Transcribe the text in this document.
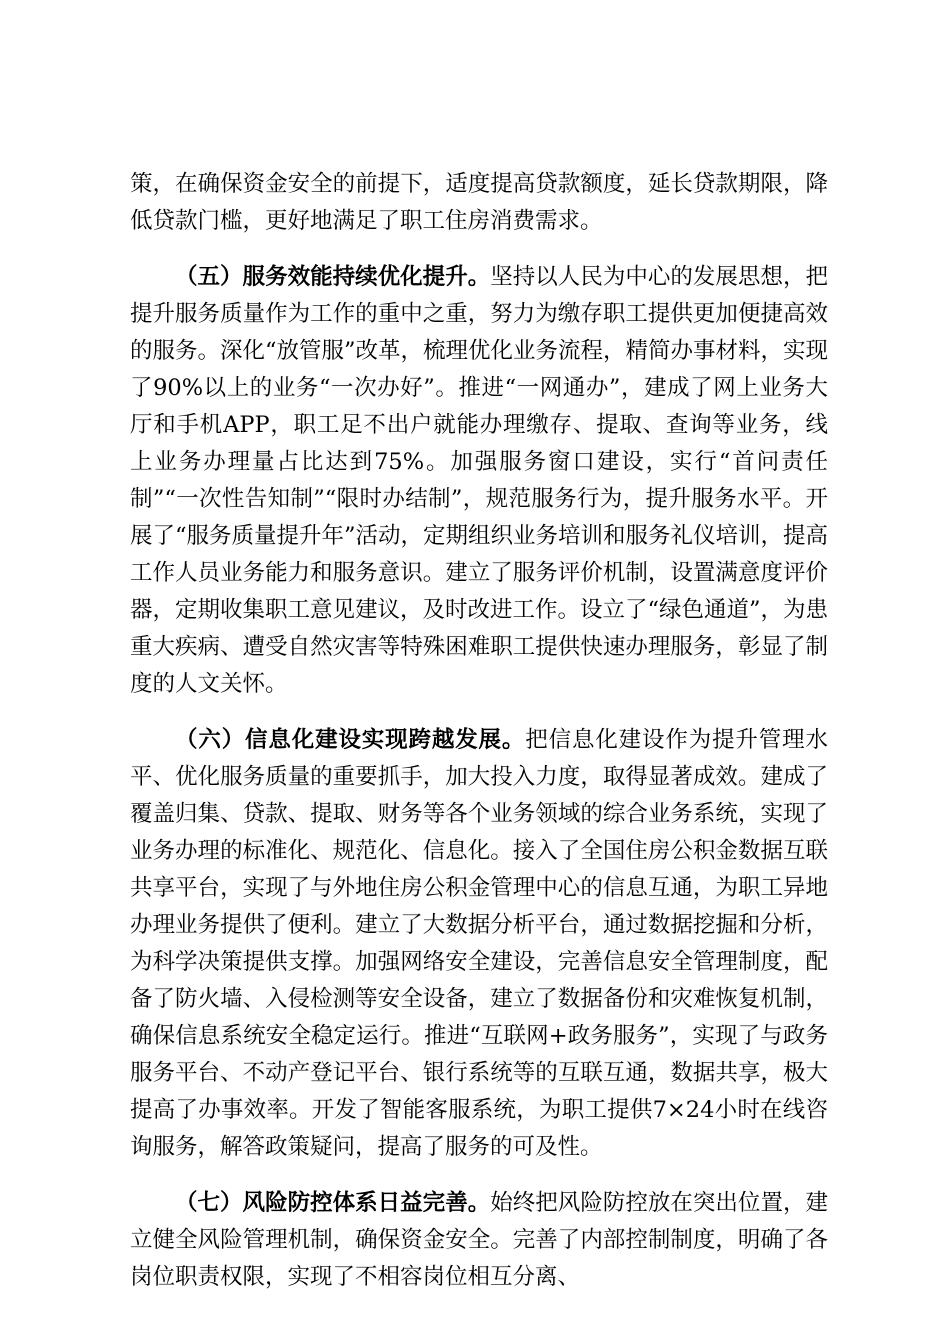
策，在确保资金安全的前提下，适度提高贷款额度，延长贷款期限，降低贷款门槛，更好地满足了职工住房消费需求。

（五）服务效能持续优化提升。坚持以人民为中心的发展思想，把提升服务质量作为工作的重中之重，努力为缴存职工提供更加便捷高效的服务。深化“放管服”改革，梳理优化业务流程，精简办事材料，实现了90%以上的业务“一次办好”。推进“一网通办”，建成了网上业务大厅和手机APP，职工足不出户就能办理缴存、提取、查询等业务，线上业务办理量占比达到75%。加强服务窗口建设，实行“首问责任制”“一次性告知制”“限时办结制”，规范服务行为，提升服务水平。开展了“服务质量提升年”活动，定期组织业务培训和服务礼仪培训，提高工作人员业务能力和服务意识。建立了服务评价机制，设置满意度评价器，定期收集职工意见建议，及时改进工作。设立了“绿色通道”，为患重大疾病、遭受自然灾害等特殊困难职工提供快速办理服务，彰显了制度的人文关怀。

（六）信息化建设实现跨越发展。把信息化建设作为提升管理水平、优化服务质量的重要抓手，加大投入力度，取得显著成效。建成了覆盖归集、贷款、提取、财务等各个业务领域的综合业务系统，实现了业务办理的标准化、规范化、信息化。接入了全国住房公积金数据互联共享平台，实现了与外地住房公积金管理中心的信息互通，为职工异地办理业务提供了便利。建立了大数据分析平台，通过数据挖掘和分析，为科学决策提供支撑。加强网络安全建设，完善信息安全管理制度，配备了防火墙、入侵检测等安全设备，建立了数据备份和灾难恢复机制，确保信息系统安全稳定运行。推进“互联网+政务服务”，实现了与政务服务平台、不动产登记平台、银行系统等的互联互通，数据共享，极大提高了办事效率。开发了智能客服系统，为职工提供7×24小时在线咨询服务，解答政策疑问，提高了服务的可及性。

（七）风险防控体系日益完善。始终把风险防控放在突出位置，建立健全风险管理机制，确保资金安全。完善了内部控制制度，明确了各岗位职责权限，实现了不相容岗位相互分离、
